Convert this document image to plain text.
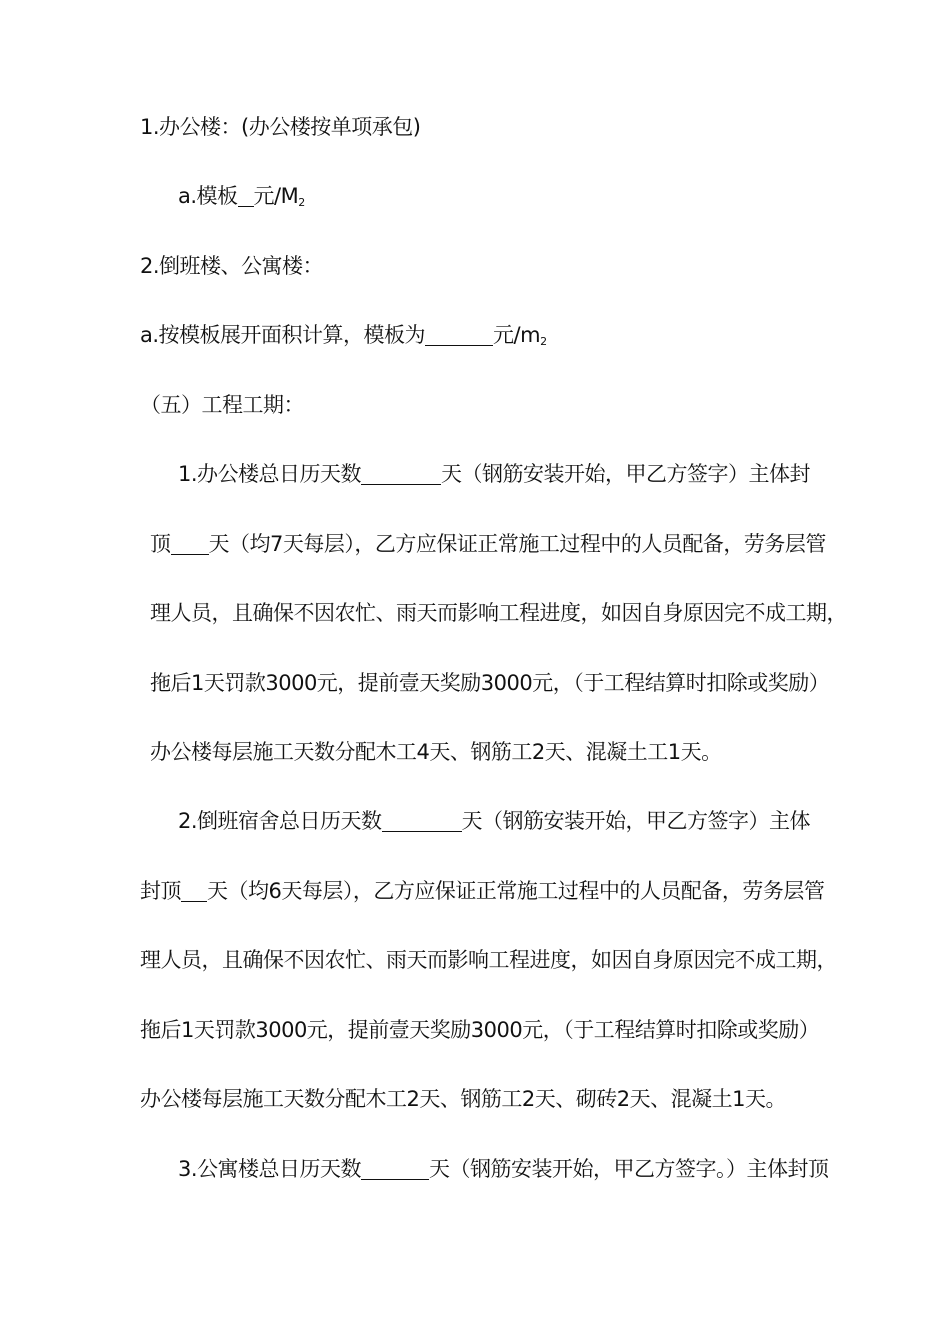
1.办公楼：(办公楼按单项承包)
a.模板 元$/M_2$
2.倒班楼、公寓楼：
a.按模板展开面积计算，模板为	元$/m_2$
（五）工程工期：
1.办公楼总日历天数	天（钢筋安装开始，甲乙方签字）主体封
顶 天（均7天每层），乙方应保证正常施工过程中的人员配备，劳务层管
理人员，且确保不因农忙、雨天而影响工程进度，如因自身原因完不成工期，
拖后1天罚款3000元，提前壹天奖励3000元，（于工程结算时扣除或奖励）
办公楼每层施工天数分配木工4天、钢筋工2天、混凝土工1天。
2.倒班宿舍总日历天数	天（钢筋安装开始，甲乙方签字）主体
封顶 天（均6天每层），乙方应保证正常施工过程中的人员配备，劳务层管
理人员，且确保不因农忙、雨天而影响工程进度，如因自身原因完不成工期，
拖后1天罚款3000元，提前壹天奖励3000元，（于工程结算时扣除或奖励）
办公楼每层施工天数分配木工2天、钢筋工2天、砌砖2天、混凝土1天。
3.公寓楼总日历天数	天（钢筋安装开始，甲乙方签字。）主体封顶
